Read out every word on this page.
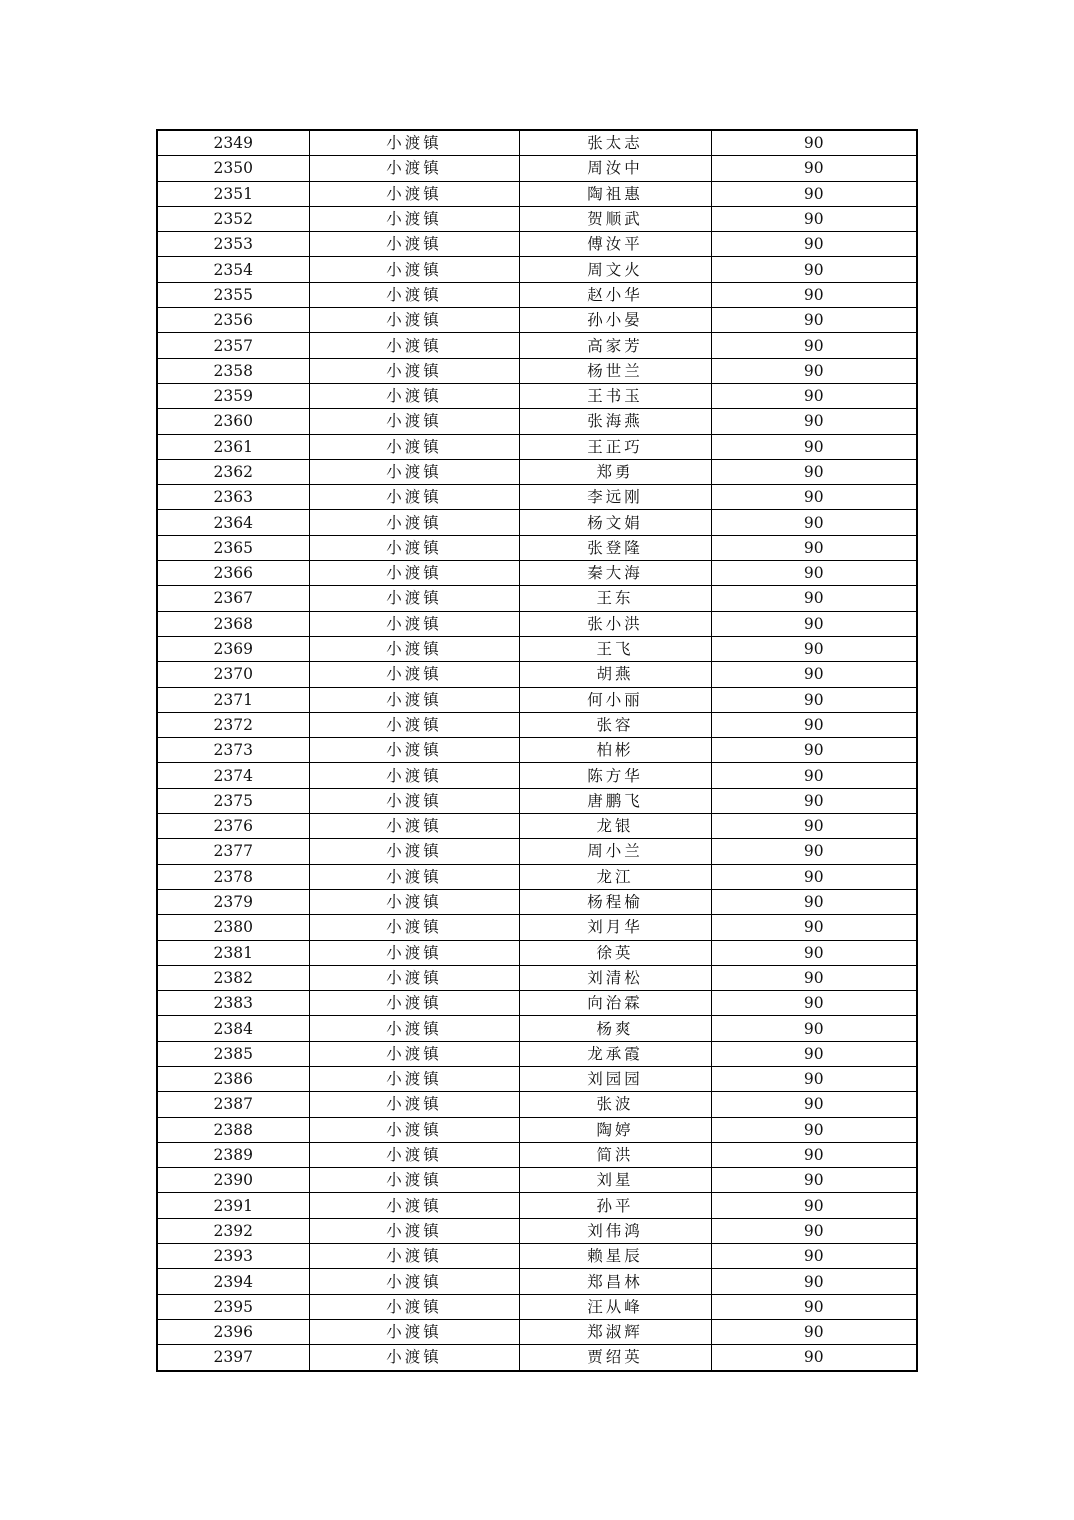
2349	小渡镇	张太志	90
2350	小渡镇	周汝中	90
2351	小渡镇	陶祖惠	90
2352	小渡镇	贺顺武	90
2353	小渡镇	傅汝平	90
2354	小渡镇	周文火	90
2355	小渡镇	赵小华	90
2356	小渡镇	孙小晏	90
2357	小渡镇	高家芳	90
2358	小渡镇	杨世兰	90
2359	小渡镇	王书玉	90
2360	小渡镇	张海燕	90
2361	小渡镇	王正巧	90
2362	小渡镇	郑勇	90
2363	小渡镇	李远刚	90
2364	小渡镇	杨文娟	90
2365	小渡镇	张登隆	90
2366	小渡镇	秦大海	90
2367	小渡镇	王东	90
2368	小渡镇	张小洪	90
2369	小渡镇	王飞	90
2370	小渡镇	胡燕	90
2371	小渡镇	何小丽	90
2372	小渡镇	张容	90
2373	小渡镇	柏彬	90
2374	小渡镇	陈方华	90
2375	小渡镇	唐鹏飞	90
2376	小渡镇	龙银	90
2377	小渡镇	周小兰	90
2378	小渡镇	龙江	90
2379	小渡镇	杨程榆	90
2380	小渡镇	刘月华	90
2381	小渡镇	徐英	90
2382	小渡镇	刘清松	90
2383	小渡镇	向治霖	90
2384	小渡镇	杨爽	90
2385	小渡镇	龙承霞	90
2386	小渡镇	刘园园	90
2387	小渡镇	张波	90
2388	小渡镇	陶婷	90
2389	小渡镇	简洪	90
2390	小渡镇	刘星	90
2391	小渡镇	孙平	90
2392	小渡镇	刘伟鸿	90
2393	小渡镇	赖星辰	90
2394	小渡镇	郑昌林	90
2395	小渡镇	汪从峰	90
2396	小渡镇	郑淑辉	90
2397	小渡镇	贾绍英	90
